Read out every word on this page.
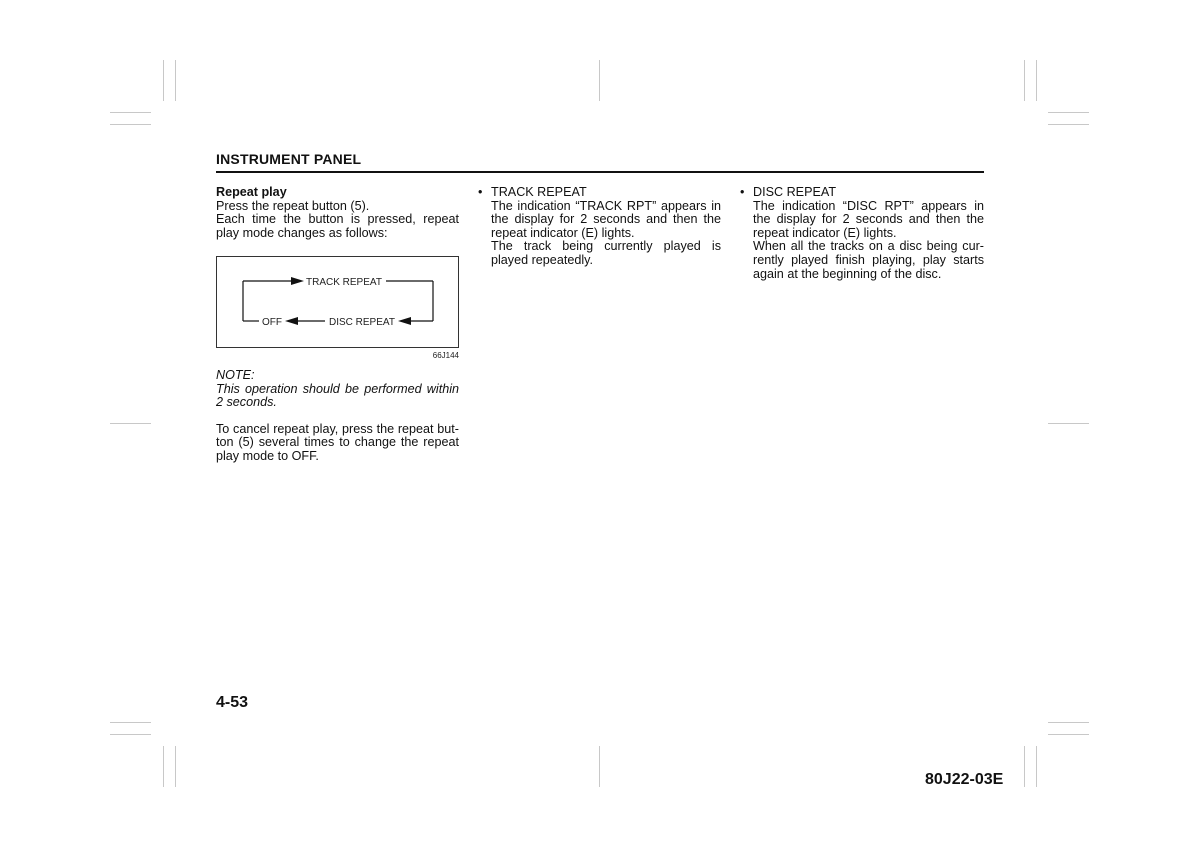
INSTRUMENT PANEL

Repeat play

Press the repeat button (5).

Each time the button is pressed, repeat play mode changes as follows:

TRACK REPEAT
DISC REPEAT
OFF
66J144

NOTE:

This operation should be performed within 2 seconds.

To cancel repeat play, press the repeat but-ton (5) several times to change the repeat play mode to OFF.

• TRACK REPEAT

The indication “TRACK RPT” appears in the display for 2 seconds and then the repeat indicator (E) lights.

The track being currently played is played repeatedly.

• DISC REPEAT

The indication “DISC RPT” appears in the display for 2 seconds and then the repeat indicator (E) lights.

When all the tracks on a disc being cur-rently played finish playing, play starts again at the beginning of the disc.

4-53
80J22-03E
